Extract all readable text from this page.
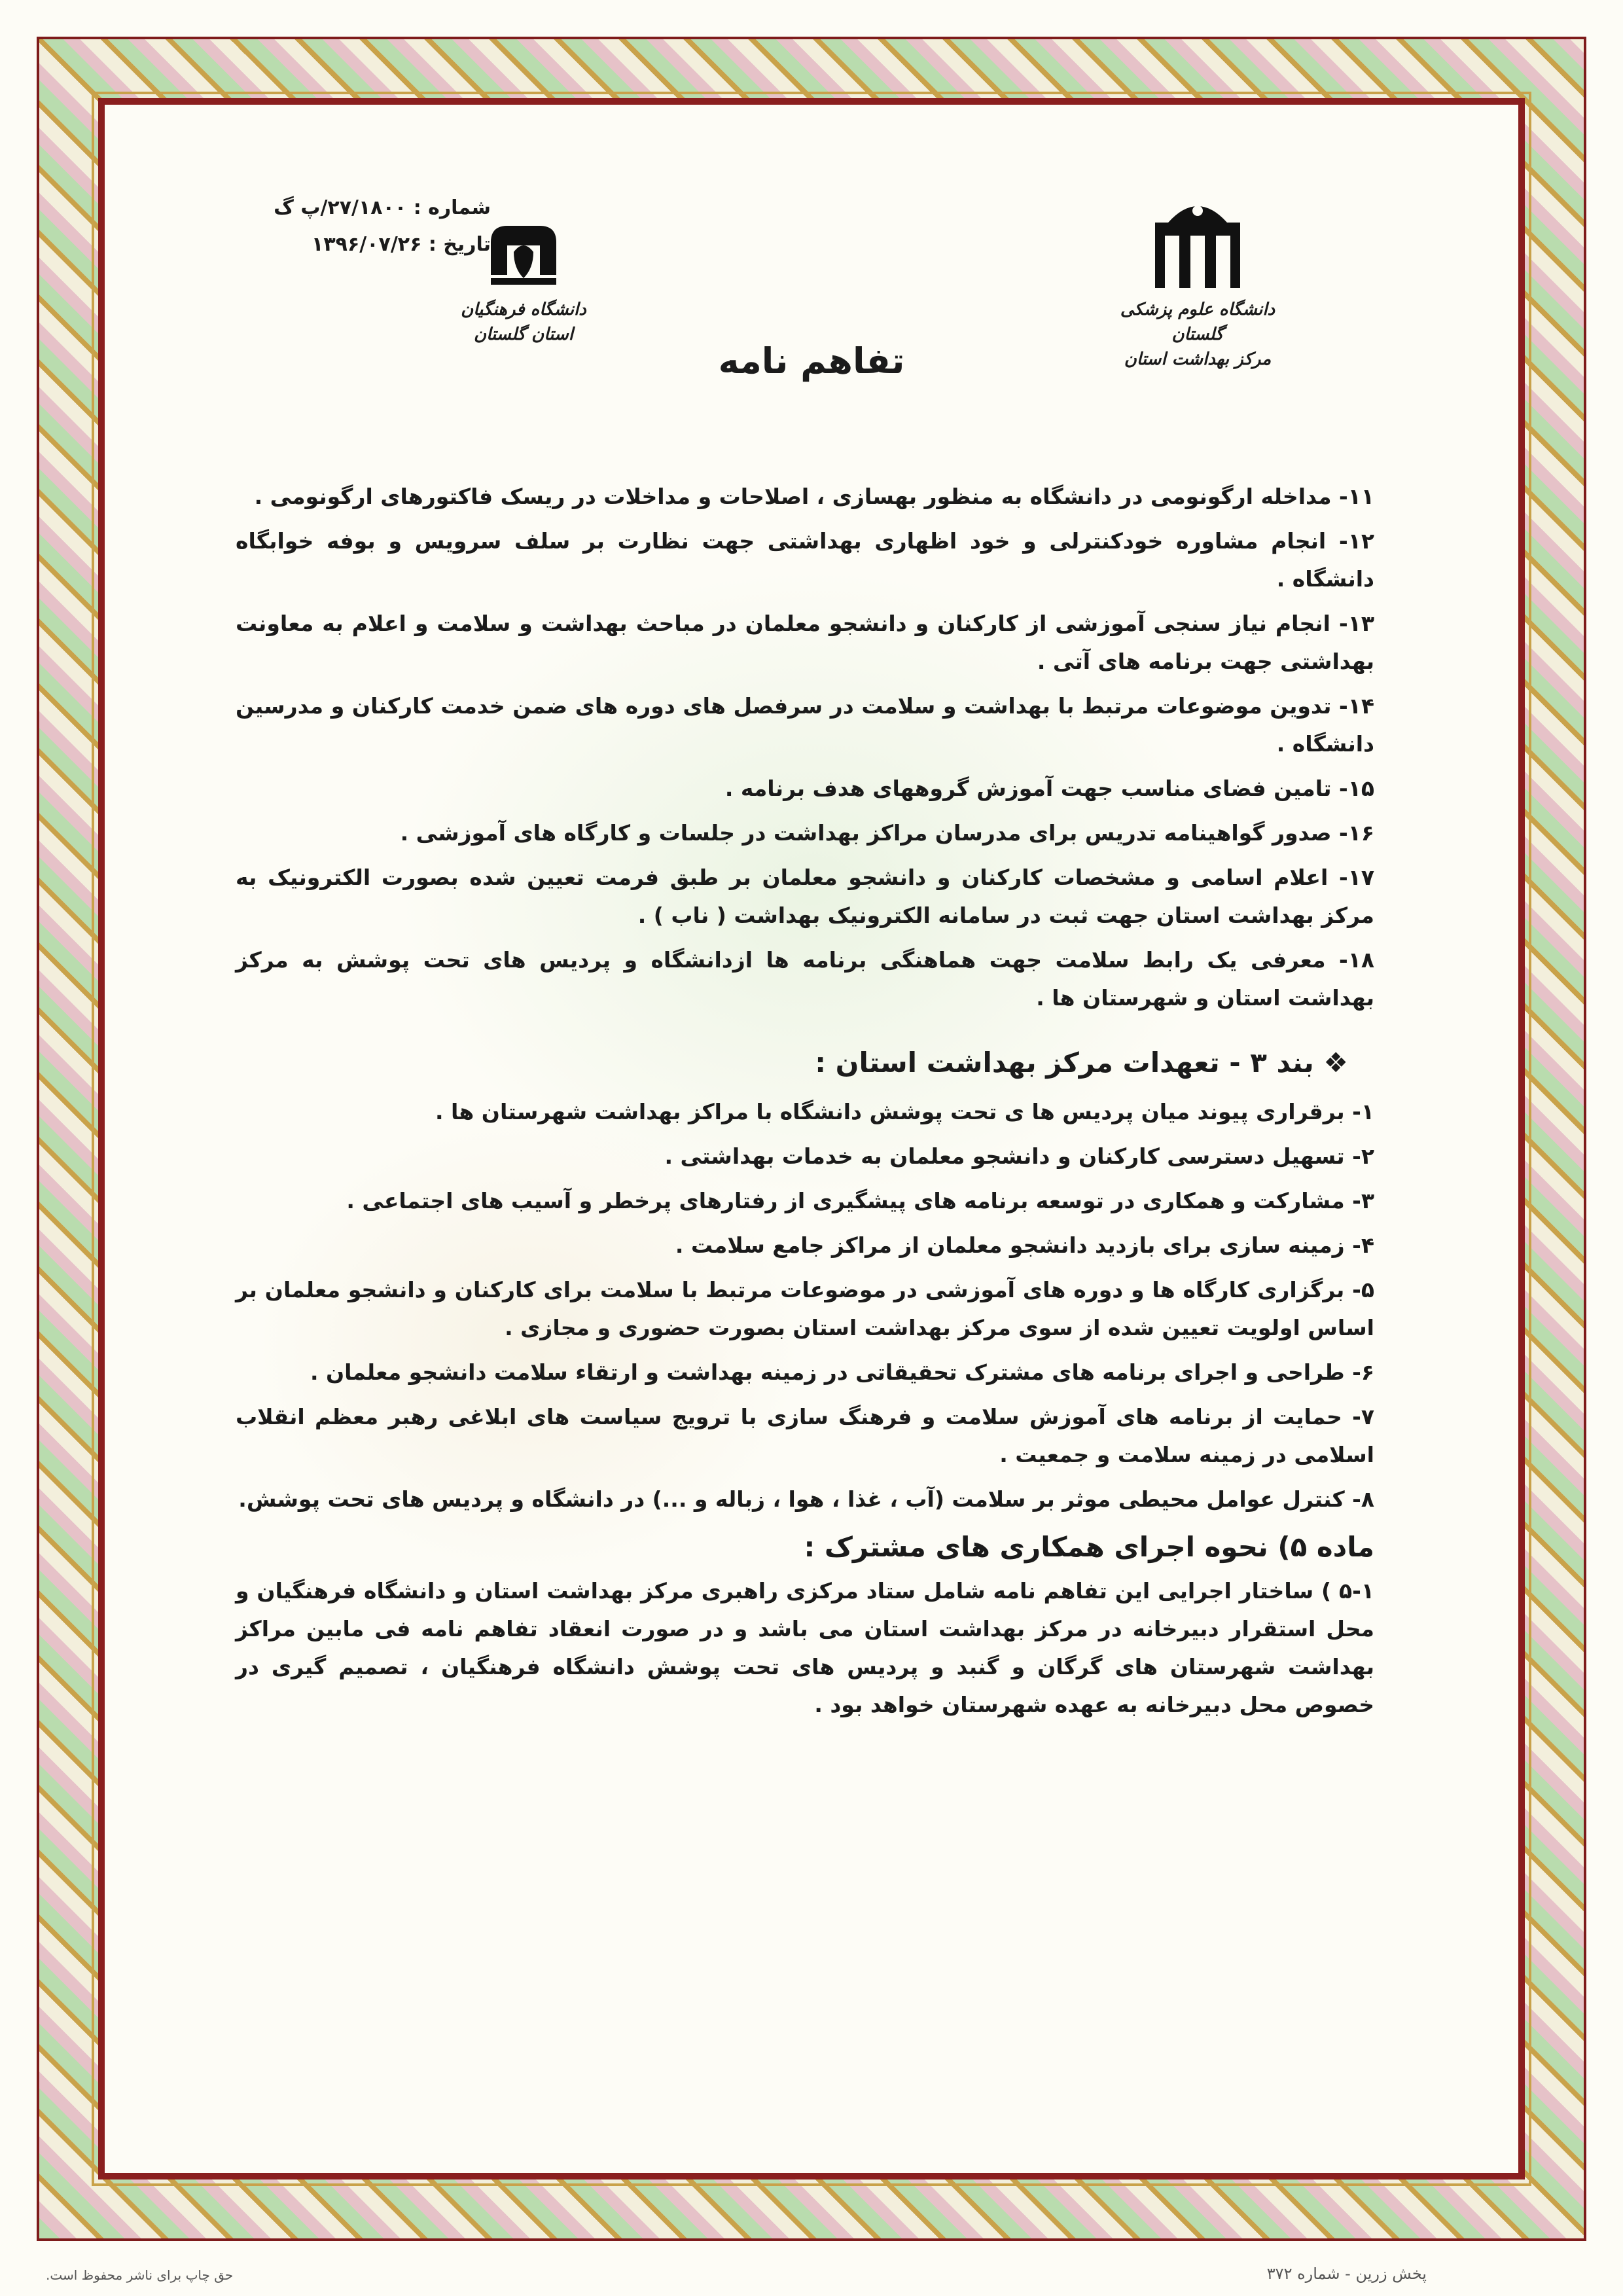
دانشگاه علوم پزشکی گلستان
مرکز بهداشت استان
دانشگاه فرهنگیان
استان گلستان
شماره : ۲۷/۱۸۰۰/پ گ
تاریخ : ۱۳۹۶/۰۷/۲۶
تفاهم نامه
۱۱- مداخله ارگونومی در دانشگاه به منظور بهسازی ، اصلاحات و مداخلات در ریسک فاکتورهای ارگونومی .
۱۲- انجام مشاوره خودکنترلی و خود اظهاری بهداشتی جهت نظارت بر سلف سرویس و بوفه خوابگاه دانشگاه .
۱۳- انجام نیاز سنجی آموزشی از کارکنان و دانشجو معلمان در مباحث بهداشت و سلامت و اعلام به معاونت بهداشتی جهت برنامه های آتی .
۱۴- تدوین موضوعات مرتبط با بهداشت و سلامت در سرفصل های دوره های ضمن خدمت کارکنان و مدرسین دانشگاه .
۱۵- تامین فضای مناسب جهت آموزش گروههای هدف برنامه .
۱۶- صدور گواهینامه تدریس برای مدرسان مراکز بهداشت در جلسات و کارگاه های آموزشی .
۱۷- اعلام اسامی و مشخصات کارکنان و دانشجو معلمان بر طبق فرمت تعیین شده بصورت الکترونیک به مرکز بهداشت استان جهت ثبت در سامانه الکترونیک بهداشت ( ناب ) .
۱۸- معرفی یک رابط سلامت جهت هماهنگی برنامه ها ازدانشگاه و پردیس های تحت پوشش به مرکز بهداشت استان و شهرستان ها .
❖ بند ۳ - تعهدات مرکز بهداشت استان :
۱- برقراری پیوند میان پردیس ها ی تحت پوشش دانشگاه با مراکز بهداشت شهرستان ها .
۲- تسهیل دسترسی کارکنان و دانشجو معلمان به خدمات بهداشتی .
۳- مشارکت و همکاری در توسعه برنامه های پیشگیری از رفتارهای پرخطر و آسیب های اجتماعی .
۴- زمینه سازی برای بازدید دانشجو معلمان از مراکز جامع سلامت .
۵- برگزاری کارگاه ها و دوره های آموزشی در موضوعات مرتبط با سلامت برای کارکنان و دانشجو معلمان بر اساس اولویت تعیین شده از سوی مرکز بهداشت استان بصورت حضوری و مجازی .
۶- طراحی و اجرای برنامه های مشترک تحقیقاتی در زمینه بهداشت و ارتقاء سلامت دانشجو معلمان .
۷- حمایت از برنامه های آموزش سلامت و فرهنگ سازی با ترویج سیاست های ابلاغی رهبر معظم انقلاب اسلامی در زمینه سلامت و جمعیت .
۸- کنترل عوامل محیطی موثر بر سلامت (آب ، غذا ، هوا ، زباله و ...) در دانشگاه و پردیس های تحت پوشش.
ماده ۵) نحوه اجرای همکاری های مشترک :
۵-۱ ) ساختار اجرایی این تفاهم نامه شامل ستاد مرکزی راهبری مرکز بهداشت استان و دانشگاه فرهنگیان و محل استقرار دبیرخانه در مرکز بهداشت استان می باشد و در صورت انعقاد تفاهم نامه فی مابین مراکز بهداشت شهرستان های گرگان و گنبد و پردیس های تحت پوشش دانشگاه فرهنگیان ، تصمیم گیری در خصوص محل دبیرخانه به عهده شهرستان خواهد بود .
پخش زرین - شماره ۳۷۲
حق چاپ برای ناشر محفوظ است.
